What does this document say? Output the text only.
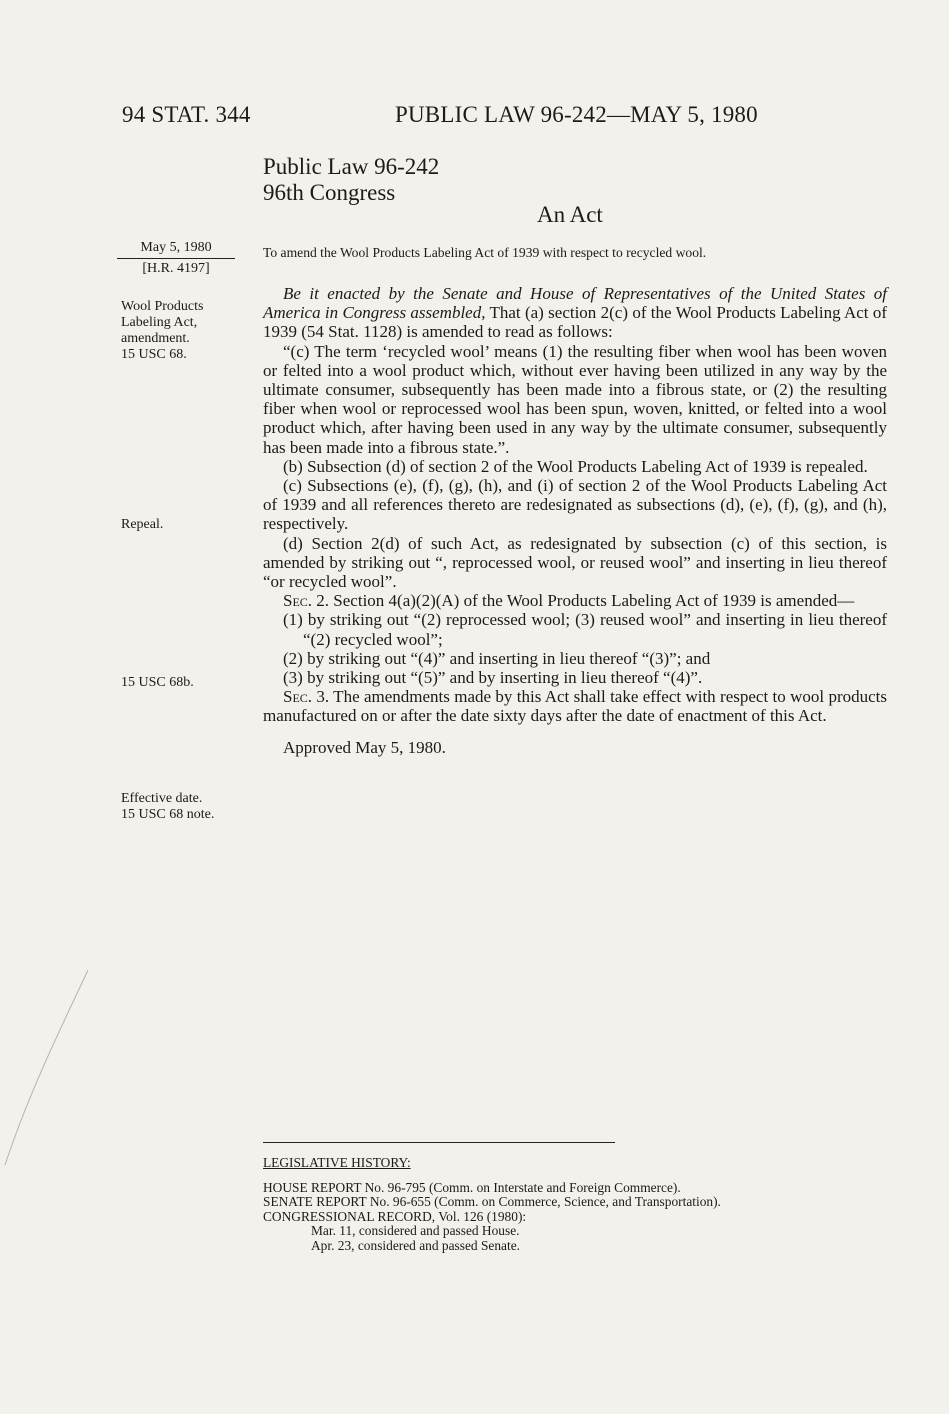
94 STAT. 344	PUBLIC LAW 96-242—MAY 5, 1980
Public Law 96-242
96th Congress
An Act
May 5, 1980
[H.R. 4197]
To amend the Wool Products Labeling Act of 1939 with respect to recycled wool.
Wool Products
Labeling Act,
amendment.
15 USC 68.
Repeal.
15 USC 68b.
Effective date.
15 USC 68 note.

Be it enacted by the Senate and House of Representatives of the United States of America in Congress assembled, That (a) section 2(c) of the Wool Products Labeling Act of 1939 (54 Stat. 1128) is amended to read as follows:

“(c) The term ‘recycled wool’ means (1) the resulting fiber when wool has been woven or felted into a wool product which, without ever having been utilized in any way by the ultimate consumer, subsequently has been made into a fibrous state, or (2) the resulting fiber when wool or reprocessed wool has been spun, woven, knitted, or felted into a wool product which, after having been used in any way by the ultimate consumer, subsequently has been made into a fibrous state.”.

(b) Subsection (d) of section 2 of the Wool Products Labeling Act of 1939 is repealed.

(c) Subsections (e), (f), (g), (h), and (i) of section 2 of the Wool Products Labeling Act of 1939 and all references thereto are redesignated as subsections (d), (e), (f), (g), and (h), respectively.

(d) Section 2(d) of such Act, as redesignated by subsection (c) of this section, is amended by striking out “, reprocessed wool, or reused wool” and inserting in lieu thereof “or recycled wool”.

Sec. 2. Section 4(a)(2)(A) of the Wool Products Labeling Act of 1939 is amended—

(1) by striking out “(2) reprocessed wool; (3) reused wool” and inserting in lieu thereof “(2) recycled wool”;

(2) by striking out “(4)” and inserting in lieu thereof “(3)”; and

(3) by striking out “(5)” and by inserting in lieu thereof “(4)”.

Sec. 3. The amendments made by this Act shall take effect with respect to wool products manufactured on or after the date sixty days after the date of enactment of this Act.

Approved May 5, 1980.

LEGISLATIVE HISTORY:
HOUSE REPORT No. 96-795 (Comm. on Interstate and Foreign Commerce).
SENATE REPORT No. 96-655 (Comm. on Commerce, Science, and Transportation).
CONGRESSIONAL RECORD, Vol. 126 (1980):
Mar. 11, considered and passed House.
Apr. 23, considered and passed Senate.
